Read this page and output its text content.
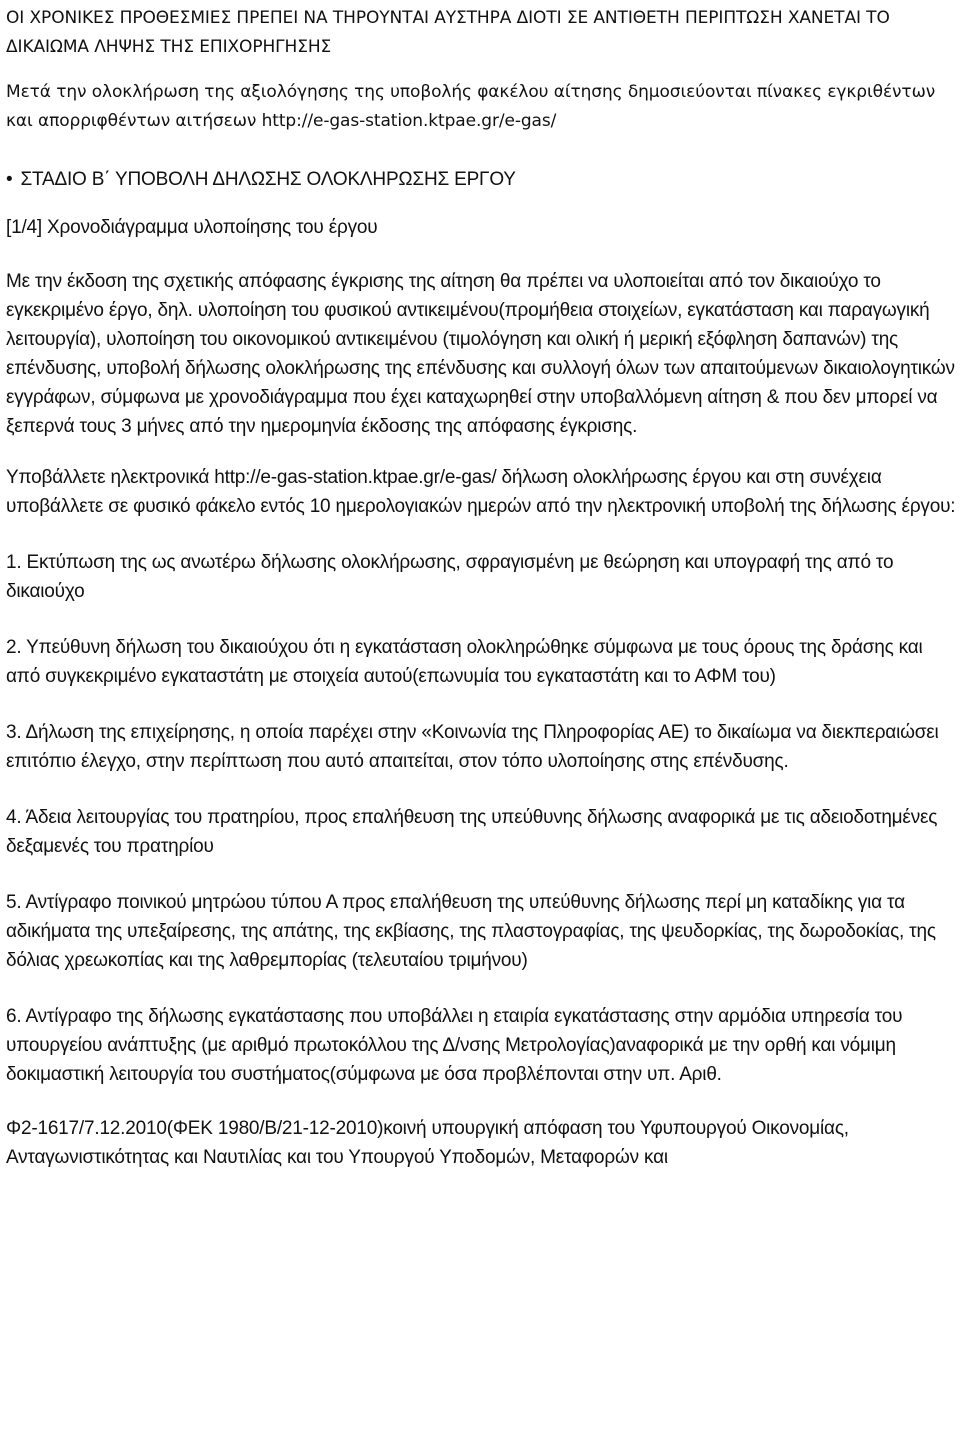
ΟΙ ΧΡΟΝΙΚΕΣ ΠΡΟΘΕΣΜΙΕΣ ΠΡΕΠΕΙ ΝΑ ΤΗΡΟΥΝΤΑΙ ΑΥΣΤΗΡΑ ΔΙΟΤΙ ΣΕ ΑΝΤΙΘΕΤΗ ΠΕΡΙΠΤΩΣΗ ΧΑΝΕΤΑΙ ΤΟ ΔΙΚΑΙΩΜΑ ΛΗΨΗΣ ΤΗΣ ΕΠΙΧΟΡΗΓΗΣΗΣ

Μετά την ολοκλήρωση της αξιολόγησης της υποβολής φακέλου αίτησης δημοσιεύονται πίνακες εγκριθέντων και απορριφθέντων αιτήσεων http://e-gas-station.ktpae.gr/e-gas/

• ΣΤΑΔΙΟ Β΄ ΥΠΟΒΟΛΗ ΔΗΛΩΣΗΣ ΟΛΟΚΛΗΡΩΣΗΣ ΕΡΓΟΥ

[1/4] Χρονοδιάγραμμα υλοποίησης του έργου

Με την έκδοση της σχετικής απόφασης έγκρισης της αίτηση θα πρέπει να υλοποιείται από τον δικαιούχο το εγκεκριμένο έργο, δηλ. υλοποίηση του φυσικού αντικειμένου(προμήθεια στοιχείων, εγκατάσταση και παραγωγική λειτουργία), υλοποίηση του οικονομικού αντικειμένου (τιμολόγηση και ολική ή μερική εξόφληση δαπανών) της επένδυσης, υποβολή δήλωσης ολοκλήρωσης της επένδυσης και συλλογή όλων των απαιτούμενων δικαιολογητικών εγγράφων, σύμφωνα με χρονοδιάγραμμα που έχει καταχωρηθεί στην υποβαλλόμενη αίτηση & που δεν μπορεί να ξεπερνά τους 3 μήνες από την ημερομηνία έκδοσης της απόφασης έγκρισης.

Υποβάλλετε ηλεκτρονικά http://e-gas-station.ktpae.gr/e-gas/ δήλωση ολοκλήρωσης έργου και στη συνέχεια υποβάλλετε σε φυσικό φάκελο εντός 10 ημερολογιακών ημερών από την ηλεκτρονική υποβολή της δήλωσης έργου:

1. Εκτύπωση της ως ανωτέρω δήλωσης ολοκλήρωσης, σφραγισμένη με θεώρηση και υπογραφή της από το δικαιούχο

2. Υπεύθυνη δήλωση του δικαιούχου ότι η εγκατάσταση ολοκληρώθηκε σύμφωνα με τους όρους της δράσης και από συγκεκριμένο εγκαταστάτη με στοιχεία αυτού(επωνυμία του εγκαταστάτη και το ΑΦΜ του)

3. Δήλωση της επιχείρησης, η οποία παρέχει στην «Κοινωνία της Πληροφορίας ΑΕ) το δικαίωμα να διεκπεραιώσει επιτόπιο έλεγχο, στην περίπτωση που αυτό απαιτείται, στον τόπο υλοποίησης στης επένδυσης.

4. Άδεια λειτουργίας του πρατηρίου, προς επαλήθευση της υπεύθυνης δήλωσης αναφορικά με τις αδειοδοτημένες δεξαμενές του πρατηρίου

5. Αντίγραφο ποινικού μητρώου τύπου Α προς επαλήθευση της υπεύθυνης δήλωσης περί μη καταδίκης για τα αδικήματα της υπεξαίρεσης, της απάτης, της εκβίασης, της πλαστογραφίας, της ψευδορκίας, της δωροδοκίας, της δόλιας χρεωκοπίας και της λαθρεμπορίας (τελευταίου τριμήνου)

6. Αντίγραφο της δήλωσης εγκατάστασης που υποβάλλει η εταιρία εγκατάστασης στην αρμόδια υπηρεσία του υπουργείου ανάπτυξης (με αριθμό πρωτοκόλλου της Δ/νσης Μετρολογίας)αναφορικά με την ορθή και νόμιμη δοκιμαστική λειτουργία του συστήματος(σύμφωνα με όσα προβλέπονται στην υπ. Αριθ.

Φ2-1617/7.12.2010(ΦΕΚ 1980/Β/21-12-2010)κοινή υπουργική απόφαση του Υφυπουργού Οικονομίας, Ανταγωνιστικότητας και Ναυτιλίας και του Υπουργού Υποδομών, Μεταφορών και
